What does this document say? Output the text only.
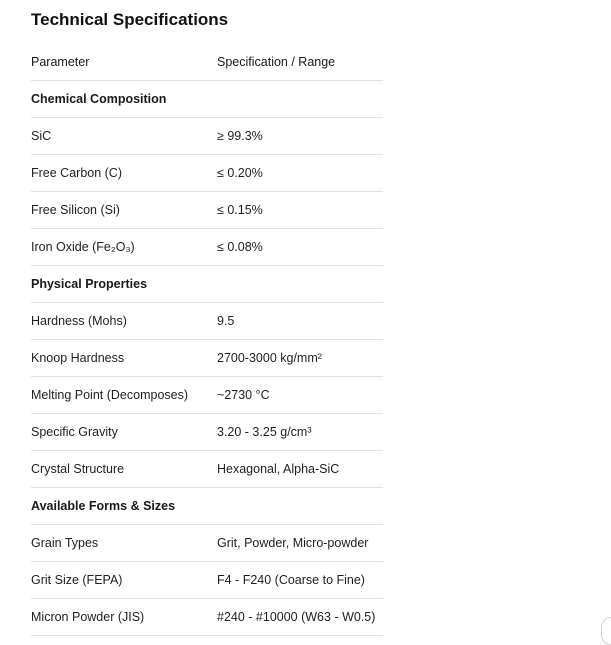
Technical Specifications
Parameter	Specification / Range
Chemical Composition	
SiC	≥ 99.3%
Free Carbon (C)	≤ 0.20%
Free Silicon (Si)	≤ 0.15%
Iron Oxide (Fe₂O₃)	≤ 0.08%
Physical Properties	
Hardness (Mohs)	9.5
Knoop Hardness	2700-3000 kg/mm²
Melting Point (Decomposes)	~2730 °C
Specific Gravity	3.20 - 3.25 g/cm³
Crystal Structure	Hexagonal, Alpha-SiC
Available Forms & Sizes	
Grain Types	Grit, Powder, Micro-powder
Grit Size (FEPA)	F4 - F240 (Coarse to Fine)
Micron Powder (JIS)	#240 - #10000 (W63 - W0.5)
